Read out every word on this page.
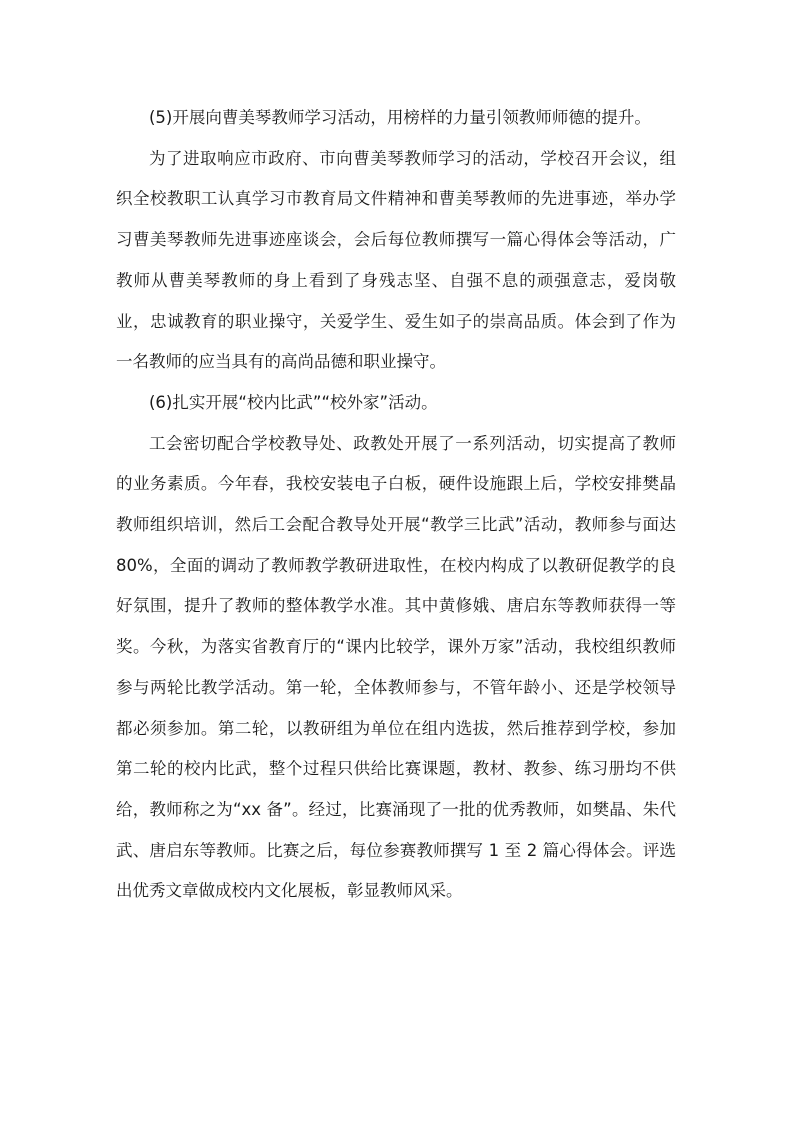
(5)开展向曹美琴教师学习活动，用榜样的力量引领教师师德的提升。

为了进取响应市政府、市向曹美琴教师学习的活动，学校召开会议，组织全校教职工认真学习市教育局文件精神和曹美琴教师的先进事迹，举办学习曹美琴教师先进事迹座谈会，会后每位教师撰写一篇心得体会等活动，广教师从曹美琴教师的身上看到了身残志坚、自强不息的顽强意志，爱岗敬业，忠诚教育的职业操守，关爱学生、爱生如子的崇高品质。体会到了作为一名教师的应当具有的高尚品德和职业操守。

(6)扎实开展“校内比武”“校外家”活动。

工会密切配合学校教导处、政教处开展了一系列活动，切实提高了教师的业务素质。今年春，我校安装电子白板，硬件设施跟上后，学校安排樊晶教师组织培训，然后工会配合教导处开展“教学三比武”活动，教师参与面达 80%，全面的调动了教师教学教研进取性，在校内构成了以教研促教学的良好氛围，提升了教师的整体教学水准。其中黄修娥、唐启东等教师获得一等奖。今秋，为落实省教育厅的“课内比较学，课外万家”活动，我校组织教师参与两轮比教学活动。第一轮，全体教师参与，不管年龄小、还是学校领导都必须参加。第二轮，以教研组为单位在组内选拔，然后推荐到学校，参加第二轮的校内比武，整个过程只供给比赛课题，教材、教参、练习册均不供给，教师称之为“xx 备”。经过，比赛涌现了一批的优秀教师，如樊晶、朱代武、唐启东等教师。比赛之后，每位参赛教师撰写 1 至 2 篇心得体会。评选出优秀文章做成校内文化展板，彰显教师风采。
